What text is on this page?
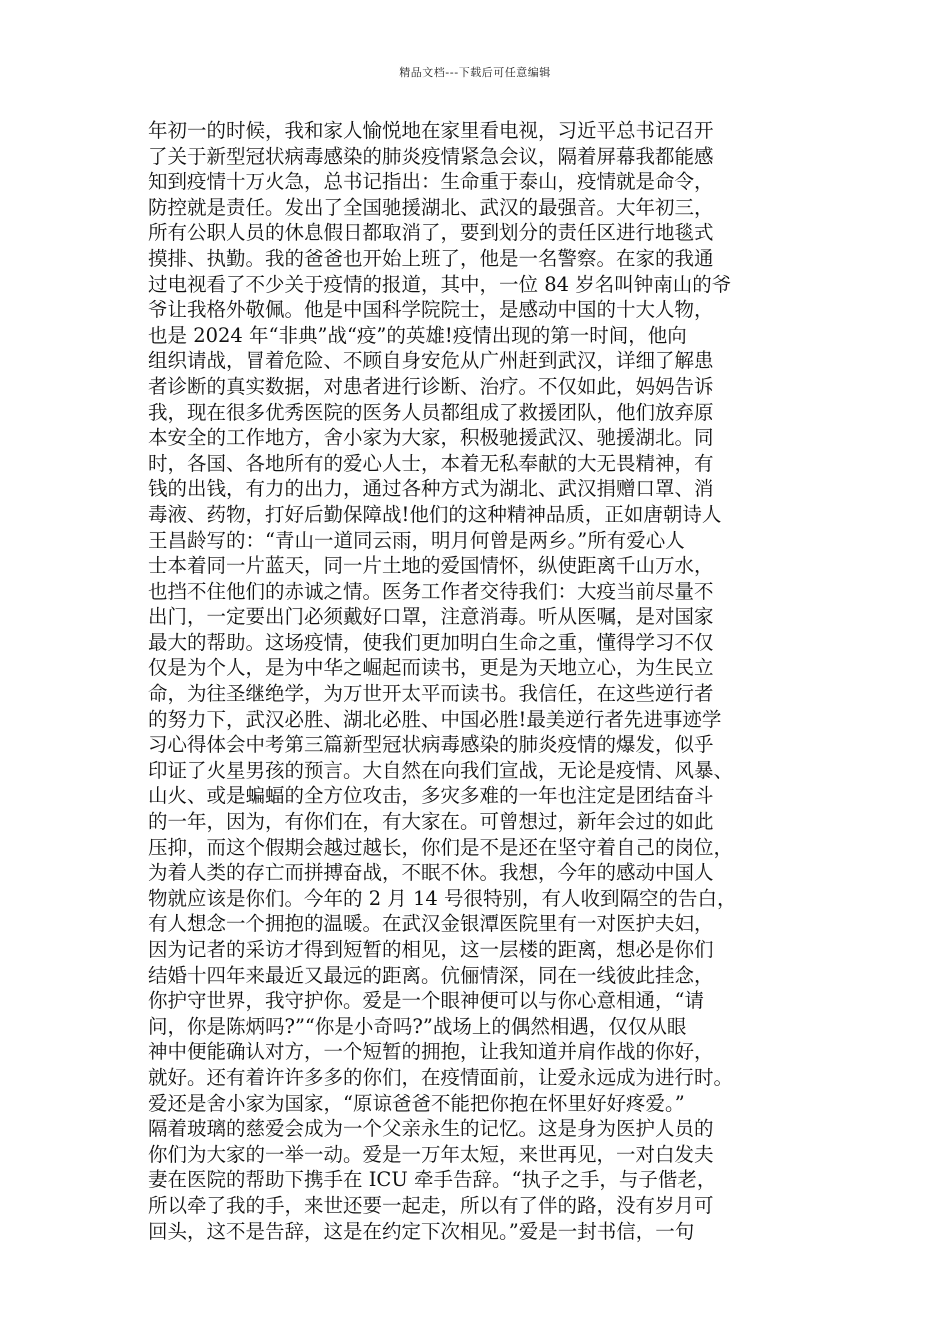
精品文档---下载后可任意编辑
年初一的时候，我和家人愉悦地在家里看电视，习近平总书记召开
了关于新型冠状病毒感染的肺炎疫情紧急会议，隔着屏幕我都能感
知到疫情十万火急，总书记指出：生命重于泰山，疫情就是命令，
防控就是责任。发出了全国驰援湖北、武汉的最强音。大年初三，
所有公职人员的休息假日都取消了，要到划分的责任区进行地毯式
摸排、执勤。我的爸爸也开始上班了，他是一名警察。在家的我通
过电视看了不少关于疫情的报道，其中，一位 84 岁名叫钟南山的爷
爷让我格外敬佩。他是中国科学院院士，是感动中国的十大人物，
也是 2024 年“非典”战“疫”的英雄!疫情出现的第一时间，他向
组织请战，冒着危险、不顾自身安危从广州赶到武汉，详细了解患
者诊断的真实数据，对患者进行诊断、治疗。不仅如此，妈妈告诉
我，现在很多优秀医院的医务人员都组成了救援团队，他们放弃原
本安全的工作地方，舍小家为大家，积极驰援武汉、驰援湖北。同
时，各国、各地所有的爱心人士，本着无私奉献的大无畏精神，有
钱的出钱，有力的出力，通过各种方式为湖北、武汉捐赠口罩、消
毒液、药物，打好后勤保障战!他们的这种精神品质，正如唐朝诗人
王昌龄写的：“青山一道同云雨，明月何曾是两乡。”所有爱心人
士本着同一片蓝天，同一片土地的爱国情怀，纵使距离千山万水，
也挡不住他们的赤诚之情。医务工作者交待我们：大疫当前尽量不
出门，一定要出门必须戴好口罩，注意消毒。听从医嘱，是对国家
最大的帮助。这场疫情，使我们更加明白生命之重，懂得学习不仅
仅是为个人，是为中华之崛起而读书，更是为天地立心，为生民立
命，为往圣继绝学，为万世开太平而读书。我信任，在这些逆行者
的努力下，武汉必胜、湖北必胜、中国必胜!最美逆行者先进事迹学
习心得体会中考第三篇新型冠状病毒感染的肺炎疫情的爆发，似乎
印证了火星男孩的预言。大自然在向我们宣战，无论是疫情、风暴、
山火、或是蝙蝠的全方位攻击，多灾多难的一年也注定是团结奋斗
的一年，因为，有你们在，有大家在。可曾想过，新年会过的如此
压抑，而这个假期会越过越长，你们是不是还在坚守着自己的岗位，
为着人类的存亡而拼搏奋战，不眠不休。我想，今年的感动中国人
物就应该是你们。今年的 2 月 14 号很特别，有人收到隔空的告白，
有人想念一个拥抱的温暖。在武汉金银潭医院里有一对医护夫妇，
因为记者的采访才得到短暂的相见，这一层楼的距离，想必是你们
结婚十四年来最近又最远的距离。伉俪情深，同在一线彼此挂念，
你护守世界，我守护你。爱是一个眼神便可以与你心意相通，“请
问，你是陈炳吗?”“你是小奇吗?”战场上的偶然相遇，仅仅从眼
神中便能确认对方，一个短暂的拥抱，让我知道并肩作战的你好，
就好。还有着许许多多的你们，在疫情面前，让爱永远成为进行时。
爱还是舍小家为国家，“原谅爸爸不能把你抱在怀里好好疼爱。”
隔着玻璃的慈爱会成为一个父亲永生的记忆。这是身为医护人员的
你们为大家的一举一动。爱是一万年太短，来世再见，一对白发夫
妻在医院的帮助下携手在 ICU 牵手告辞。“执子之手，与子偕老，
所以牵了我的手，来世还要一起走，所以有了伴的路，没有岁月可
回头，这不是告辞，这是在约定下次相见。”爱是一封书信，一句
